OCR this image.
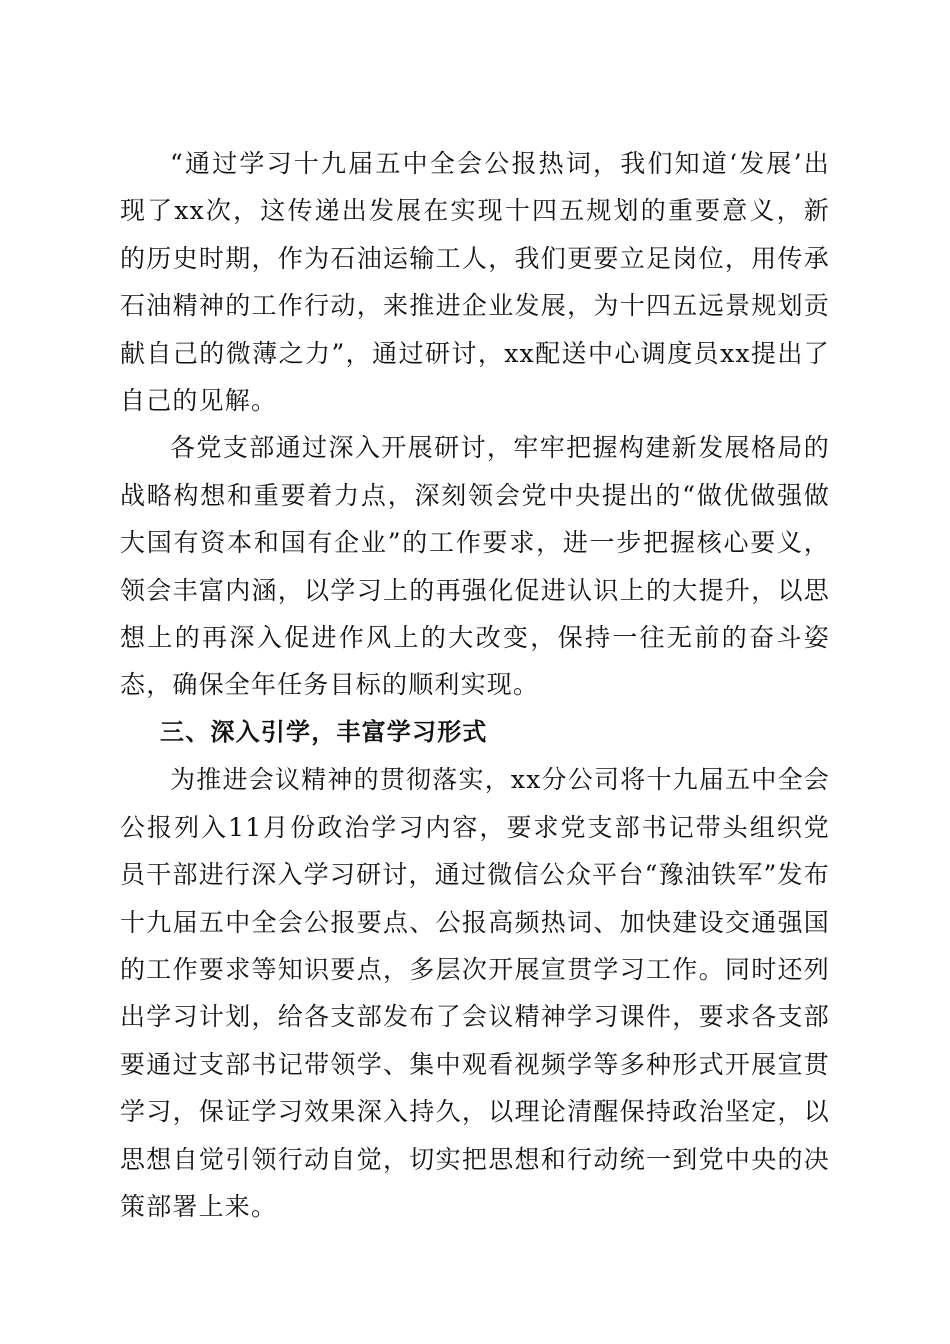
“通过学习十九届五中全会公报热词，我们知道‘发展’出现了xx次，这传递出发展在实现十四五规划的重要意义，新的历史时期，作为石油运输工人，我们更要立足岗位，用传承石油精神的工作行动，来推进企业发展，为十四五远景规划贡献自己的微薄之力”，通过研讨，xx配送中心调度员xx提出了自己的见解。

各党支部通过深入开展研讨，牢牢把握构建新发展格局的战略构想和重要着力点，深刻领会党中央提出的“做优做强做大国有资本和国有企业”的工作要求，进一步把握核心要义，领会丰富内涵，以学习上的再强化促进认识上的大提升，以思想上的再深入促进作风上的大改变，保持一往无前的奋斗姿态，确保全年任务目标的顺利实现。

三、深入引学，丰富学习形式

为推进会议精神的贯彻落实，xx分公司将十九届五中全会公报列入11月份政治学习内容，要求党支部书记带头组织党员干部进行深入学习研讨，通过微信公众平台“豫油铁军”发布十九届五中全会公报要点、公报高频热词、加快建设交通强国的工作要求等知识要点，多层次开展宣贯学习工作。同时还列出学习计划，给各支部发布了会议精神学习课件，要求各支部要通过支部书记带领学、集中观看视频学等多种形式开展宣贯学习，保证学习效果深入持久，以理论清醒保持政治坚定，以思想自觉引领行动自觉，切实把思想和行动统一到党中央的决策部署上来。
